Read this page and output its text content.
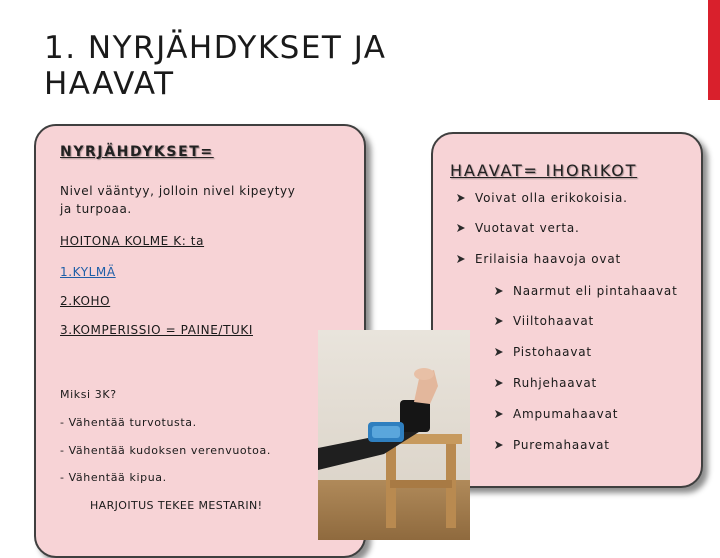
1. NYRJÄHDYKSET JA
HAAVAT

NYRJÄHDYKSET=

Nivel vääntyy, jolloin nivel kipeytyy

ja turpoaa.

HOITONA KOLME K: ta

1.KYLMÄ

2.KOHO

3.KOMPERISSIO = PAINE/TUKI

Miksi 3K?

- Vähentää turvotusta.

- Vähentää kudoksen verenvuotoa.

- Vähentää kipua.

HARJOITUS TEKEE MESTARIN!

HAAVAT= IHORIKOT

Voivat olla erikokoisia.
Vuotavat verta.
Erilaisia haavoja ovat
Naarmut eli pintahaavat
Viiltohaavat
Pistohaavat
Ruhjehaavat
Ampumahaavat
Puremahaavat
